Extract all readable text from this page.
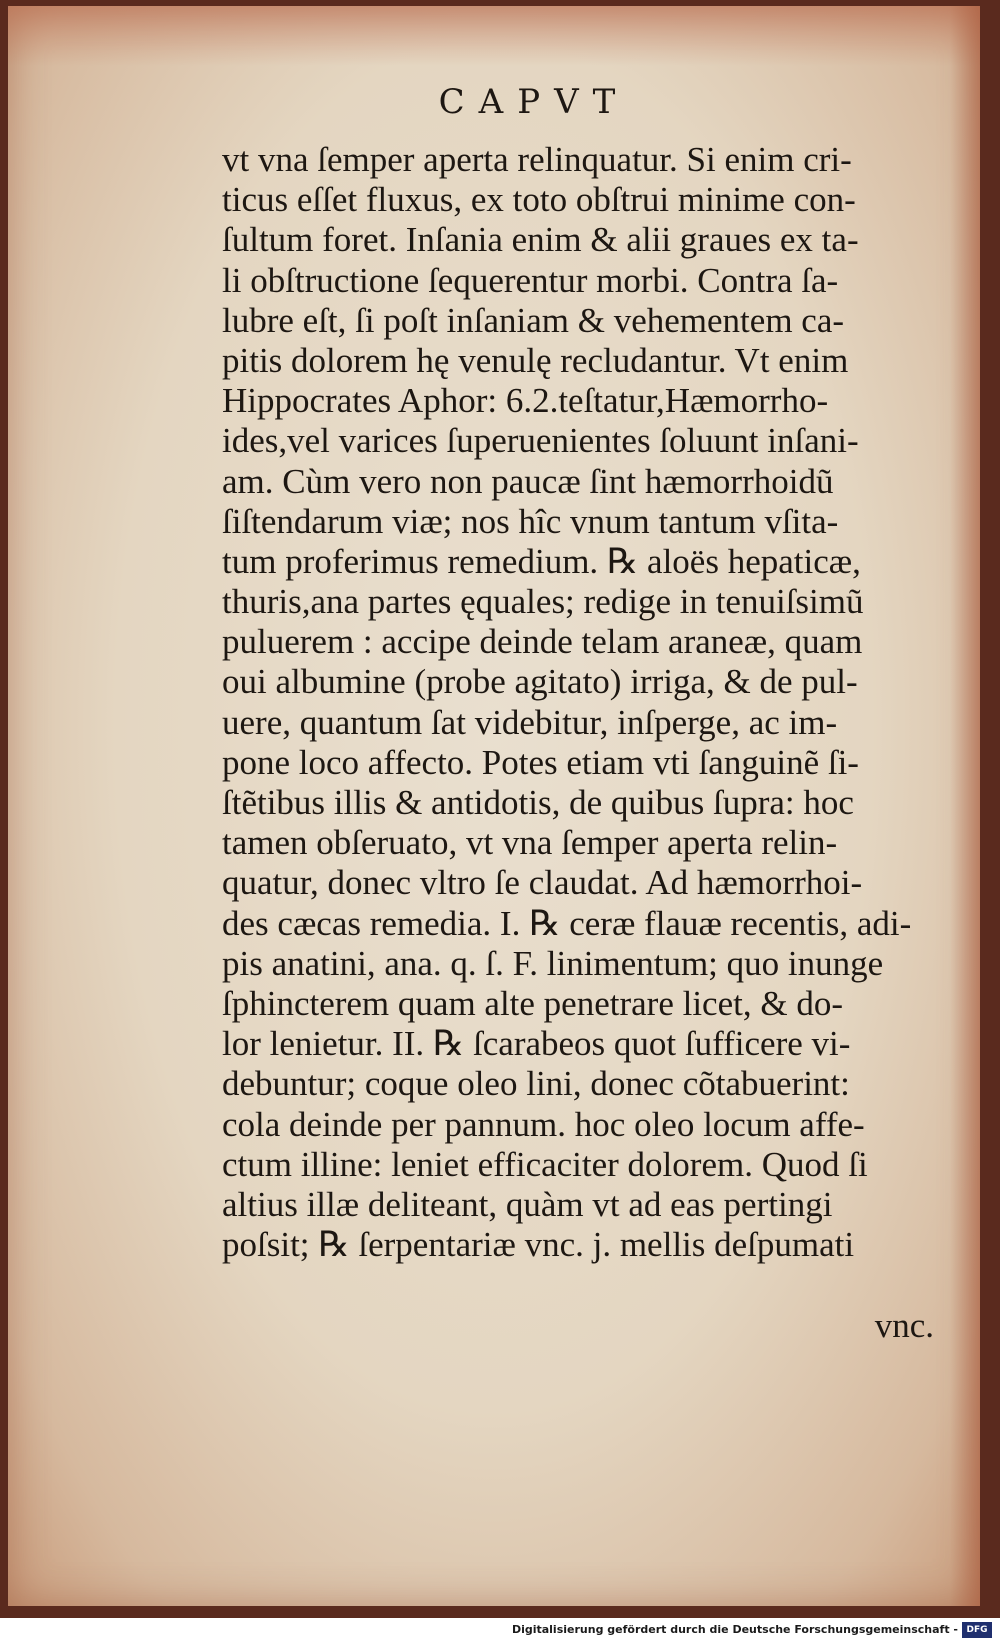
CAPVT
vt vna ſemper aperta relinquatur. Si enim cri-
ticus eſſet fluxus, ex toto obſtrui minime con-
ſultum foret. Inſania enim & alii graues ex ta-
li obſtructione ſequerentur morbi. Contra ſa-
lubre eſt, ſi poſt inſaniam & vehementem ca-
pitis dolorem hę venulę recludantur. Vt enim
Hippocrates Aphor: 6.2.teſtatur,Hæmorrho-
ides,vel varices ſuperuenientes ſoluunt inſani-
am. Cùm vero non paucæ ſint hæmorrhoidũ
ſiſtendarum viæ; nos hîc vnum tantum vſita-
tum proferimus remedium. ℞ aloës hepaticæ,
thuris,ana partes ęquales; redige in tenuiſsimũ
puluerem : accipe deinde telam araneæ, quam
oui albumine (probe agitato) irriga, & de pul-
uere, quantum ſat videbitur, inſperge, ac im-
pone loco affecto. Potes etiam vti ſanguinẽ ſi-
ſtẽtibus illis & antidotis, de quibus ſupra: hoc
tamen obſeruato, vt vna ſemper aperta relin-
quatur, donec vltro ſe claudat. Ad hæmorrhoi-
des cæcas remedia. I. ℞ ceræ flauæ recentis, adi-
pis anatini, ana. q. ſ. F. linimentum; quo inunge
ſphincterem quam alte penetrare licet, & do-
lor lenietur. II. ℞ ſcarabeos quot ſufficere vi-
debuntur; coque oleo lini, donec cõtabuerint:
cola deinde per pannum. hoc oleo locum affe-
ctum illine: leniet efficaciter dolorem. Quod ſi
altius illæ deliteant, quàm vt ad eas pertingi
poſsit; ℞ ſerpentariæ vnc. j. mellis deſpumati
vnc.
Digitalisierung gefördert durch die Deutsche Forschungsgemeinschaft - DFG
